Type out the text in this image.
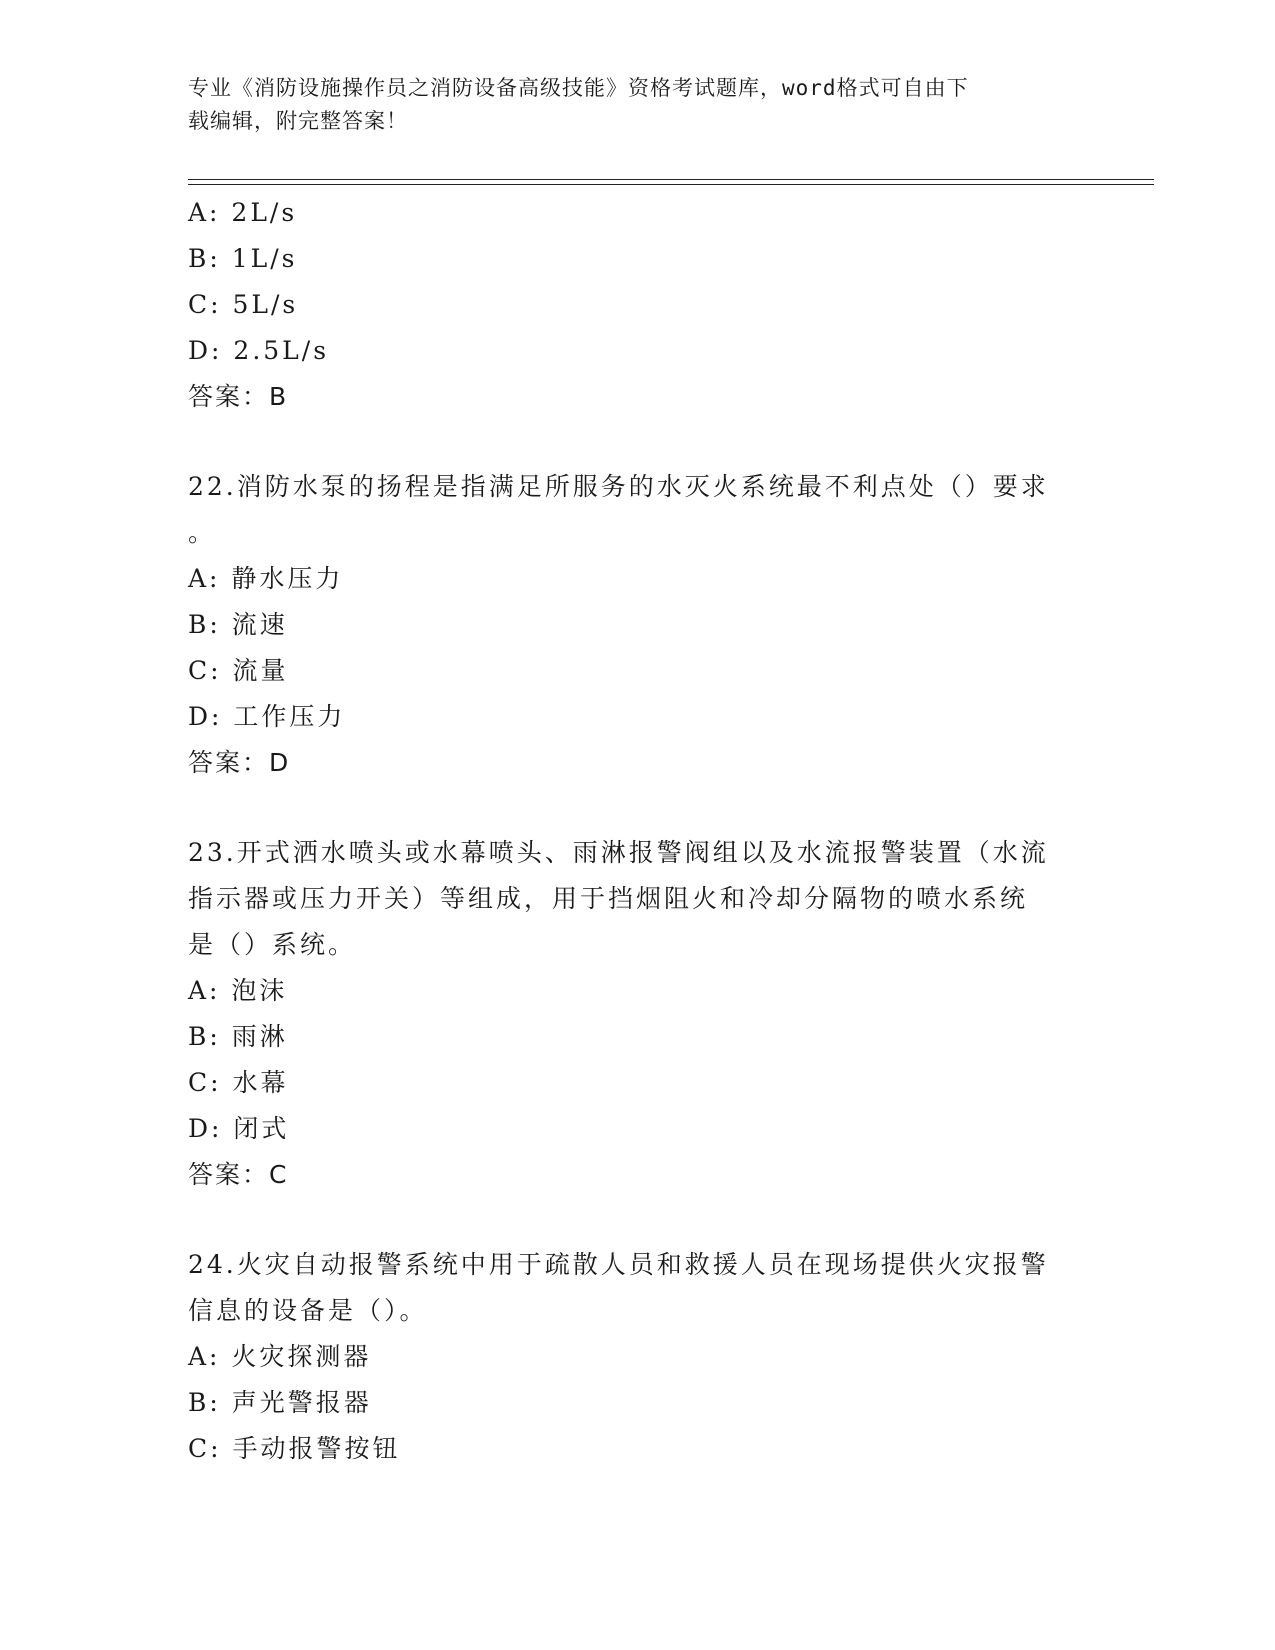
专业《消防设施操作员之消防设备高级技能》资格考试题库，word格式可自由下
载编辑，附完整答案！
A: 2L/s
B: 1L/s
C: 5L/s
D: 2.5L/s
答案：B
22.消防水泵的扬程是指满足所服务的水灭火系统最不利点处（）要求
。
A: 静水压力
B: 流速
C: 流量
D: 工作压力
答案：D
23.开式洒水喷头或水幕喷头、雨淋报警阀组以及水流报警装置（水流
指示器或压力开关）等组成，用于挡烟阻火和冷却分隔物的喷水系统
是（）系统。
A: 泡沫
B: 雨淋
C: 水幕
D: 闭式
答案：C
24.火灾自动报警系统中用于疏散人员和救援人员在现场提供火灾报警
信息的设备是（）。
A: 火灾探测器
B: 声光警报器
C: 手动报警按钮
